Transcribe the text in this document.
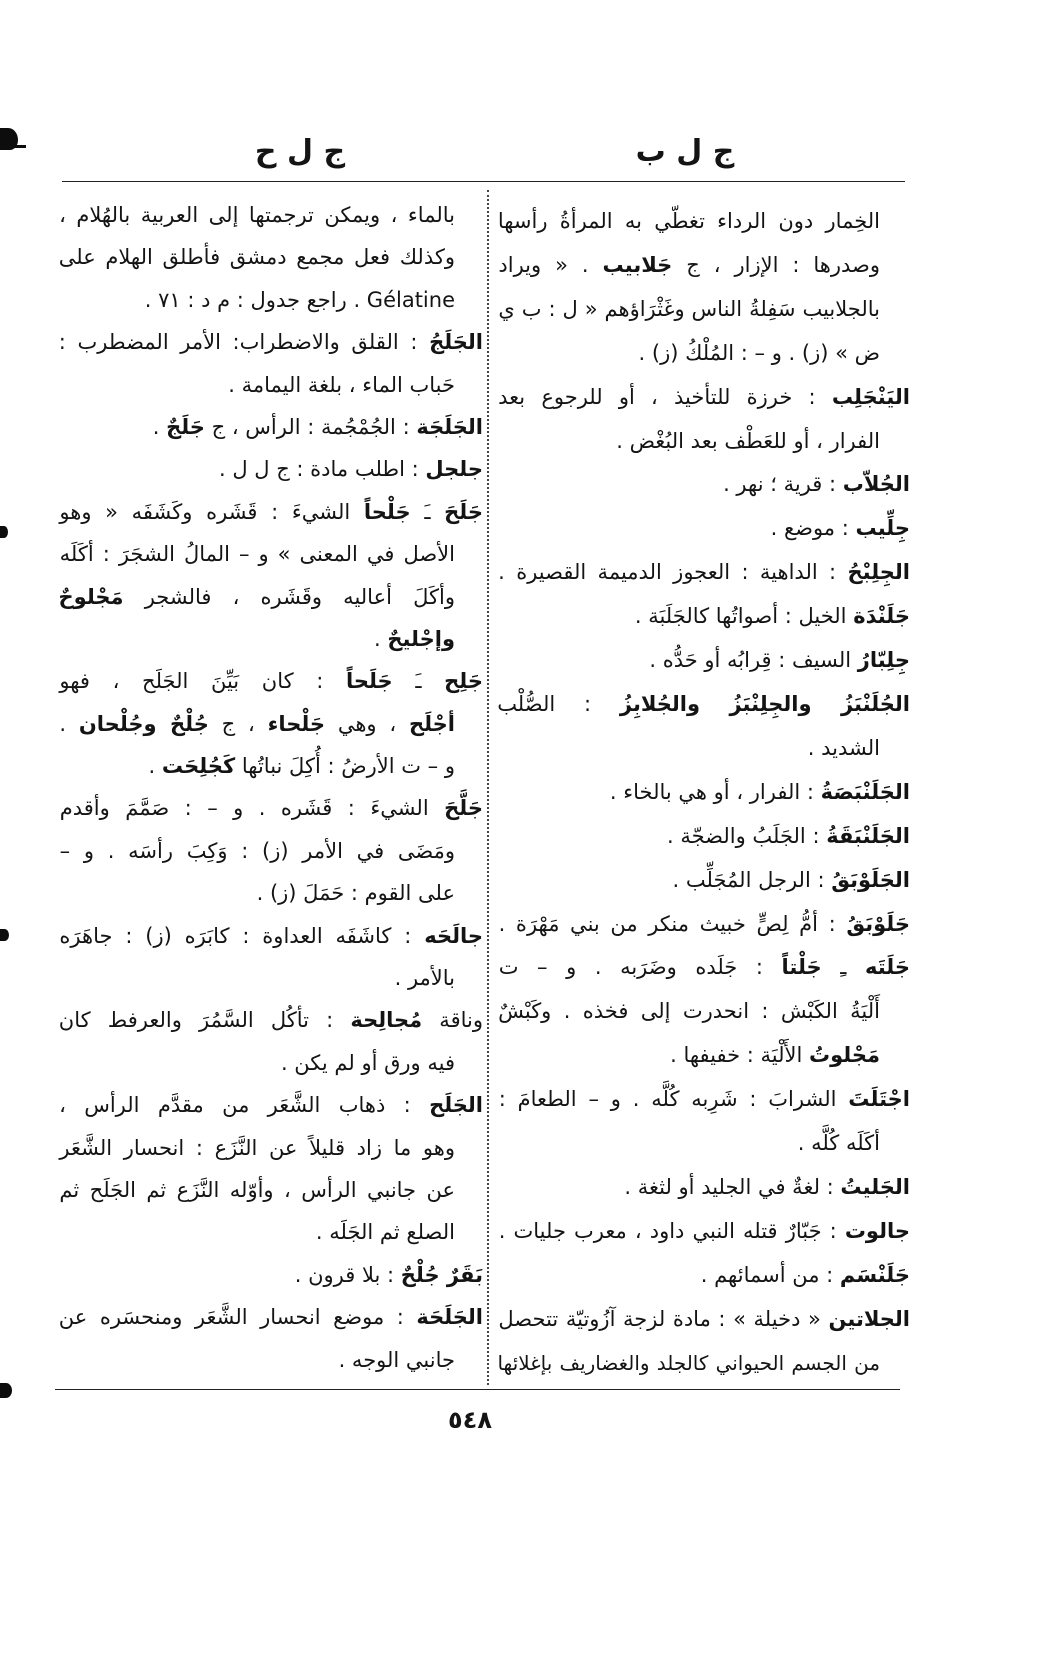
ج ل ب
ج ل ح
الخِمار دون الرداء تغطّي به المرأةُ رأسها
وصدرها : الإزار ، ج جَلابيب . « ويراد
بالجلابيب سَفِلةُ الناس وغَثْرَاؤهم « ل : ب ي
ض » (ز) . و – : المُلْكُ (ز) .
اليَنْجَلِب : خرزة للتأخيذ ، أو للرجوع بعد
الفرار ، أو للعَطْف بعد البُغْض .
الجُلاّب : قرية ؛ نهر .
جِلِّيب : موضع .
الجِلِبْحُ : الداهية : العجوز الدميمة القصيرة .
جَلَنْدَة الخيل : أصواتُها كالجَلَبَة .
جِلِبّارُ السيف : قِرابُه أو حَدُّه .
الجُلَنْبَزُ والجِلِنْبَزُ والجُلابِزُ : الصُّلْب
الشديد .
الجَلَنْبَصَةُ : الفرار ، أو هي بالخاء .
الجَلَنْبَقَةُ : الجَلَبُ والضجّة .
الجَلَوْبَقُ : الرجل المُجَلِّب .
جَلَوْبَقُ : أمُّ لِصٍّ خبيث منكر من بني مَهْرَة .
جَلَتَه ـِ جَلْتاً : جَلَده وضَرَبه . و – ت
أَلْيَةُ الكَبْش : انحدرت إلى فخذه . وكَبْشٌ
مَجْلوتُ الأَلْيَة : خفيفها .
اجْتَلَتَ الشرابَ : شَرِبه كُلَّه . و – الطعامَ :
أكَلَه كُلَّه .
الجَليتُ : لغةٌ في الجليد أو لثغة .
جالوت : جَبّارٌ قتله النبي داود ، معرب جليات .
جَلَنْسَم : من أسمائهم .
الجلاتين « دخيلة » : مادة لزجة آزُوتيّة تتحصل
من الجسم الحيواني كالجلد والغضاريف بإغلائها
بالماء ، ويمكن ترجمتها إلى العربية بالهُلام ،
وكذلك فعل مجمع دمشق فأطلق الهلام على
Gélatine . راجع جدول : م د : ٧١ .
الجَلَجُ : القلق والاضطراب: الأمر المضطرب :
حَباب الماء ، بلغة اليمامة .
الجَلَجَة : الجُمْجُمة : الرأس ، ج جَلَجٌ .
جلجل : اطلب مادة : ج ل ل .
جَلَحَ ـَ جَلْحاً الشيءَ : قَشَره وكَشَفَه « وهو
الأصل في المعنى » و – المالُ الشجَرَ : أكَلَه
وأكَلَ أعاليه وقَشَره ، فالشجر مَجْلوحٌ
وإجْليحٌ .
جَلِح ـَ جَلَحاً : كان بَيِّنَ الجَلَح ، فهو
أجْلَح ، وهي جَلْحاء ، ج جُلْحٌ وجُلْحان .
و – ت الأرضُ : أُكِلَ نباتُها كَجُلِحَت .
جَلَّحَ الشيءَ : قَشَره . و – : صَمَّمَ وأقدم
ومَضَى في الأمر (ز) : وَكِبَ رأسَه . و –
على القوم : حَمَلَ (ز) .
جالَحَه : كاشَفَه العداوة : كابَرَه (ز) : جاهَرَه
بالأمر .
وناقة مُجالِحة : تأكُل السَّمُرَ والعرفط كان
فيه ورق أو لم يكن .
الجَلَح : ذهاب الشَّعَر من مقدَّم الرأس ،
وهو ما زاد قليلاً عن النَّزَع : انحسار الشَّعَر
عن جانبي الرأس ، وأوّله النَّزَع ثم الجَلَح ثم
الصلع ثم الجَلَه .
بَقَرٌ جُلْحٌ : بلا قرون .
الجَلَحَة : موضع انحسار الشَّعَر ومنحسَره عن
جانبي الوجه .
٥٤٨
